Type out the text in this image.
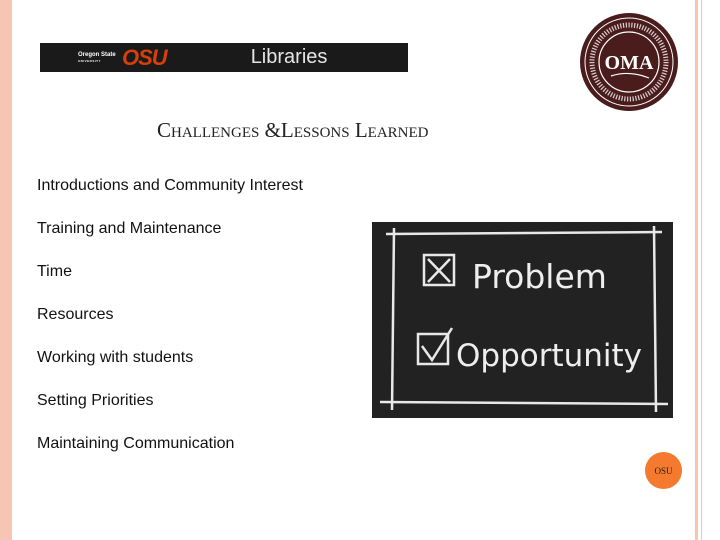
Oregon State
UNIVERSITY OSU	Libraries	OMA
Challenges &Lessons Learned
Introductions and Community Interest
Training and Maintenance
Time
Resources
Working with students
Setting Priorities
Maintaining Communication
Problem
Opportunity
OSU
